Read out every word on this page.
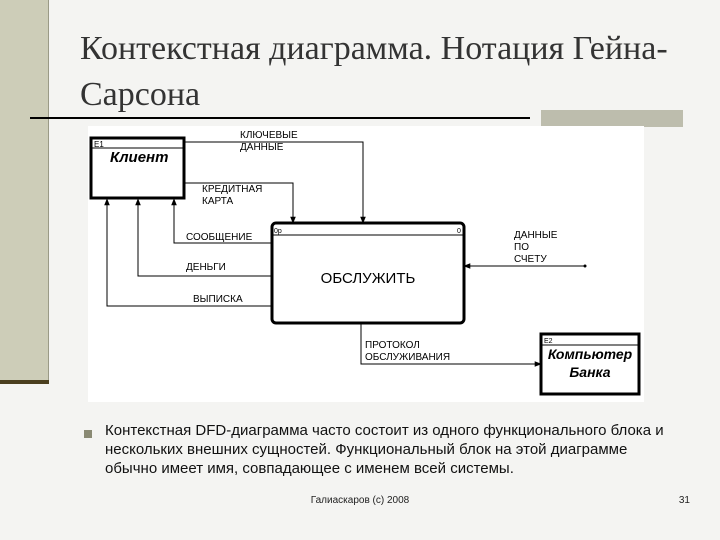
Контекстная диаграмма. Нотация Гейна-Сарсона
Е1
Клиент
0р	0
ОБСЛУЖИТЬ
Е2
Компьютер
Банка
КЛЮЧЕВЫЕ
ДАННЫЕ
КРЕДИТНАЯ
КАРТА
СООБЩЕНИЕ
ДЕНЬГИ
ВЫПИСКА
ДАННЫЕ
ПО
СЧЕТУ
ПРОТОКОЛ
ОБСЛУЖИВАНИЯ
Контекстная DFD-диаграмма часто состоит из одного функционального блока и нескольких внешних сущностей. Функциональный блок на этой диаграмме обычно имеет имя, совпадающее с именем всей системы.
Галиаскаров (с) 2008	31
